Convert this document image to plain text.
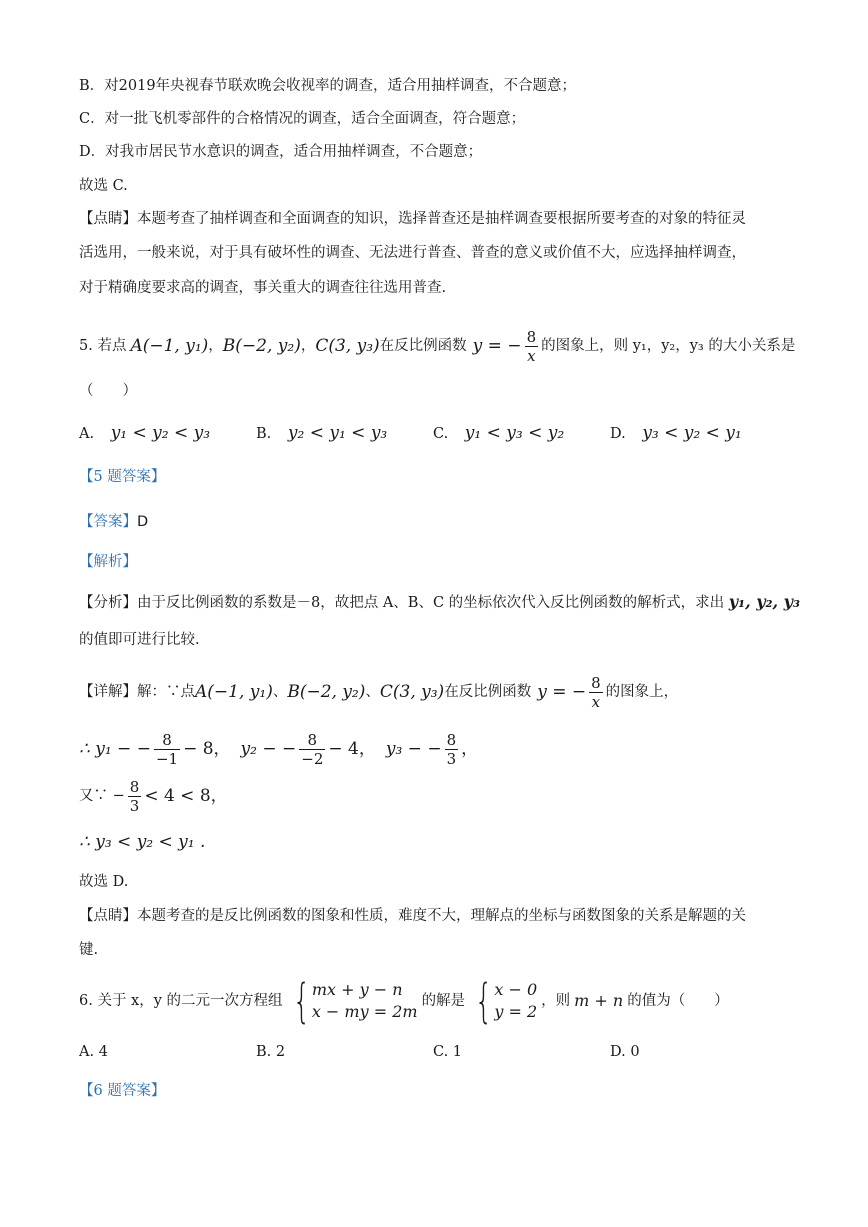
B．对2019年央视春节联欢晚会收视率的调查，适合用抽样调查，不合题意；
C．对一批飞机零部件的合格情况的调查，适合全面调查，符合题意；
D．对我市居民节水意识的调查，适合用抽样调查，不合题意；
故选 C.
【点睛】本题考查了抽样调查和全面调查的知识，选择普查还是抽样调查要根据所要考查的对象的特征灵
活选用，一般来说，对于具有破坏性的调查、无法进行普查、普查的意义或价值不大，应选择抽样调查，
对于精确度要求高的调查，事关重大的调查往往选用普查.
5. 若点 A(−1, y₁) ， B(−2, y₂) ， C(3, y₃) 在反比例函数 y = − $\frac{8}{x}$ 的图象上，则 y₁，y₂，y₃ 的大小关系是
（　　）
A. y₁ < y₂ < y₃	B. y₂ < y₁ < y₃	C. y₁ < y₃ < y₂	D. y₃ < y₂ < y₁
【5 题答案】
【答案】D
【解析】
【分析】由于反比例函数的系数是－8，故把点 A、B、C 的坐标依次代入反比例函数的解析式，求出 y₁, y₂, y₃
的值即可进行比较.
【详解】 解：∵点 A(−1, y₁) 、 B(−2, y₂) 、 C(3, y₃) 在反比例函数 y = − $\frac{8}{x}$ 的图象上，
∴ y₁ − − $\frac{8}{-1} - 8$， y₂ − − $\frac{8}{-2} - 4$， y₃ − − $\frac{8}{3}$ ，
又∵ − $\frac{8}{3} < 4 < 8$，
∴ y₃ < y₂ < y₁ .
故选 D.
【点睛】本题考查的是反比例函数的图象和性质，难度不大，理解点的坐标与函数图象的关系是解题的关
键.
6. 关于 x，y 的二元一次方程组 { mx + y − n
x − my = 2m
的解是 { x − 0
y = 2
，则 m + n 的值为（　　）
A. 4	B. 2	C. 1	D. 0
【6 题答案】
